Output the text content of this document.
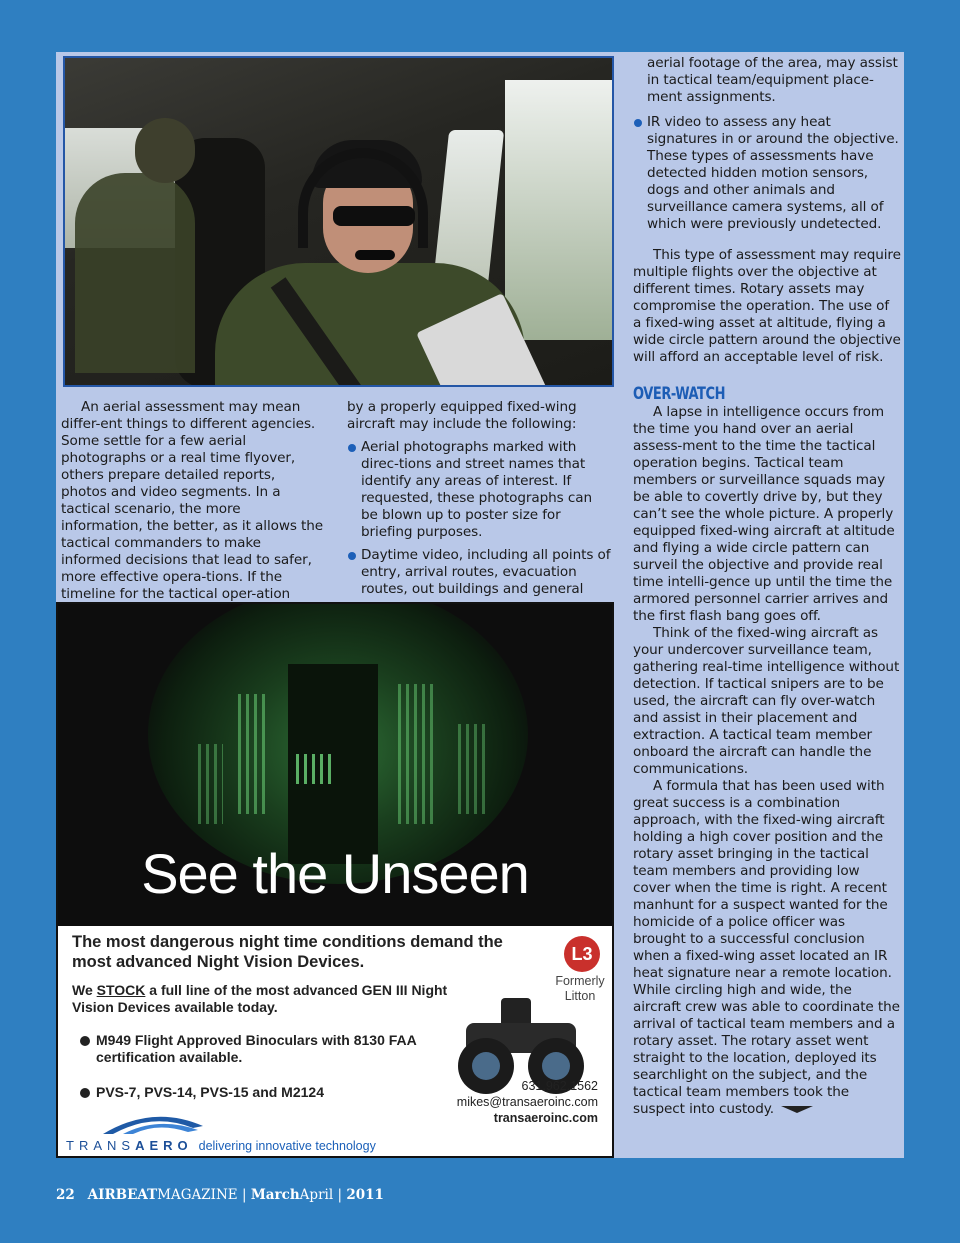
An aerial assessment may mean differ-ent things to different agencies. Some settle for a few aerial photographs or a real time flyover, others prepare detailed reports, photos and video segments. In a tactical scenario, the more information, the better, as it allows the tactical commanders to make informed decisions that lead to safer, more effective opera-tions. If the timeline for the tactical oper-ation

by a properly equipped fixed-wing aircraft may include the following:

Aerial photographs marked with direc-tions and street names that identify any areas of interest. If requested, these photographs can be blown up to poster size for briefing purposes.
Daytime video, including all points of entry, arrival routes, evacuation routes, out buildings and general

aerial footage of the area, may assist in tactical team/equipment place-ment assignments.

IR video to assess any heat signatures in or around the objective. These types of assessments have detected hidden motion sensors, dogs and other animals and surveillance camera systems, all of which were previously undetected.

This type of assessment may require multiple flights over the objective at different times. Rotary assets may compromise the operation. The use of a fixed-wing asset at altitude, flying a wide circle pattern around the objective will afford an acceptable level of risk.

OVER-WATCH

A lapse in intelligence occurs from the time you hand over an aerial assess-ment to the time the tactical operation begins. Tactical team members or surveillance squads may be able to covertly drive by, but they can’t see the whole picture. A properly equipped fixed-wing aircraft at altitude and flying a wide circle pattern can surveil the objective and provide real time intelli-gence up until the time the armored personnel carrier arrives and the first flash bang goes off.

Think of the fixed-wing aircraft as your undercover surveillance team, gathering real-time intelligence without detection. If tactical snipers are to be used, the aircraft can fly over-watch and assist in their placement and extraction. A tactical team member onboard the aircraft can handle the communications.

A formula that has been used with great success is a combination approach, with the fixed-wing aircraft holding a high cover position and the rotary asset bringing in the tactical team members and providing low cover when the time is right. A recent manhunt for a suspect wanted for the homicide of a police officer was brought to a successful conclusion when a fixed-wing asset located an IR heat signature near a remote location. While circling high and wide, the aircraft crew was able to coordinate the arrival of tactical team members and a rotary asset. The rotary asset went straight to the location, deployed its searchlight on the subject, and the tactical team members took the suspect into custody.

See the Unseen
The most dangerous night time conditions demand the most advanced Night Vision Devices.
We STOCK a full line of the most advanced GEN III Night Vision Devices available today.
M949 Flight Approved Binoculars with 8130 FAA certification available.
PVS-7, PVS-14, PVS-15 and M2124
L3
Formerly Litton
631.962.1562
mikes@transaeroinc.com
transaeroinc.com
TRANSAERO delivering innovative technology
22 AIRBEATMAGAZINE | MarchApril | 2011
